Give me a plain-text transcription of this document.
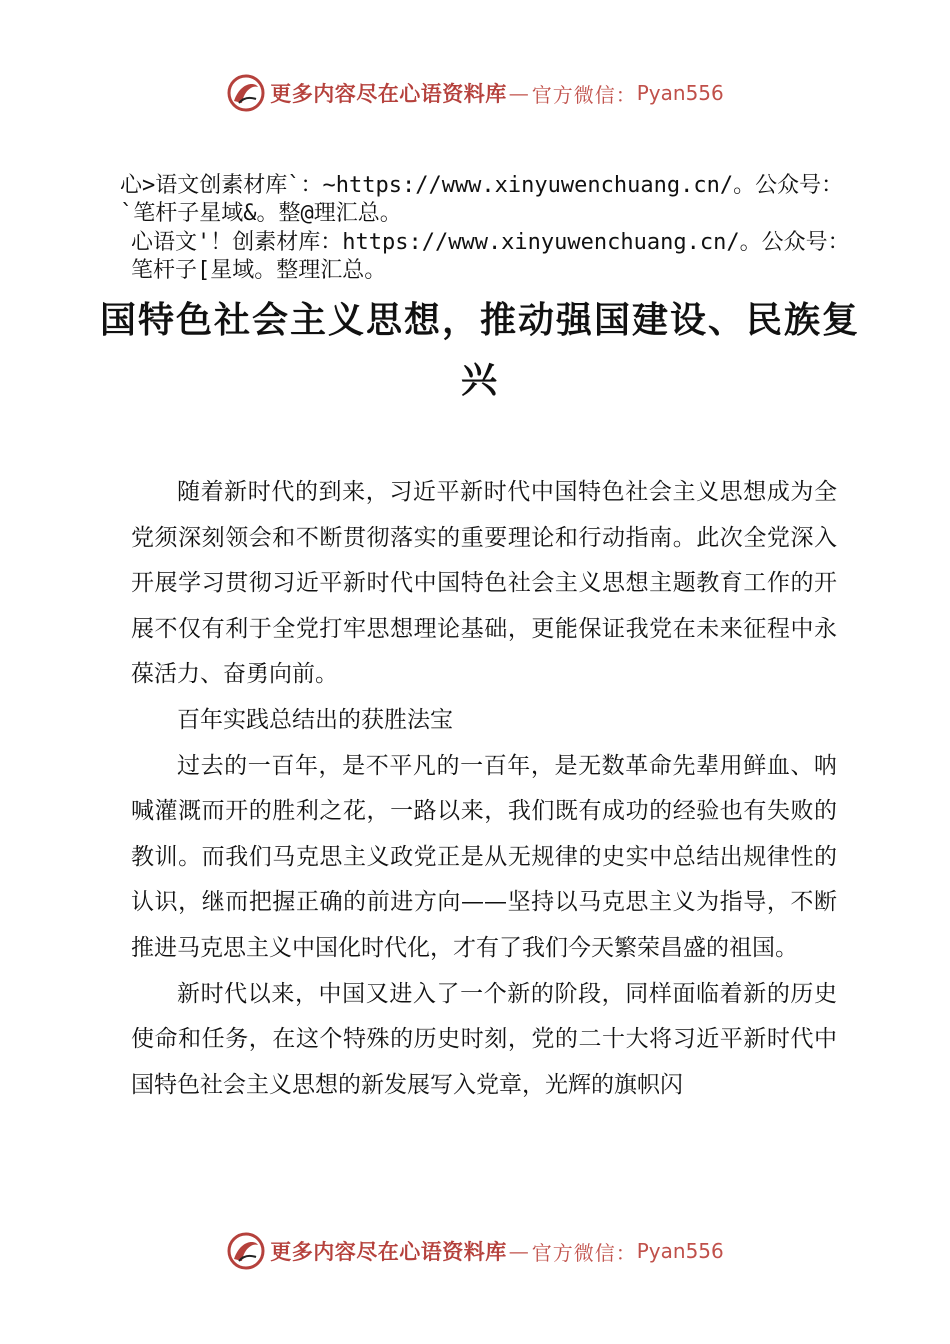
更多内容尽在心语资料库 — 官方微信： Pyan556
心>语文创素材库`：~https://www.xinyuwenchuang.cn/。公众号：
`笔杆子星域&。整@理汇总。
心语文'！创素材库：https://www.xinyuwenchuang.cn/。公众号：
笔杆子[星域。整理汇总。
国特色社会主义思想，推动强国建设、民族复兴

随着新时代的到来，习近平新时代中国特色社会主义思想成为全党须深刻领会和不断贯彻落实的重要理论和行动指南。此次全党深入开展学习贯彻习近平新时代中国特色社会主义思想主题教育工作的开展不仅有利于全党打牢思想理论基础，更能保证我党在未来征程中永葆活力、奋勇向前。

百年实践总结出的获胜法宝

过去的一百年，是不平凡的一百年，是无数革命先辈用鲜血、呐喊灌溉而开的胜利之花，一路以来，我们既有成功的经验也有失败的教训。而我们马克思主义政党正是从无规律的史实中总结出规律性的认识，继而把握正确的前进方向——坚持以马克思主义为指导，不断推进马克思主义中国化时代化，才有了我们今天繁荣昌盛的祖国。

新时代以来，中国又进入了一个新的阶段，同样面临着新的历史使命和任务，在这个特殊的历史时刻，党的二十大将习近平新时代中国特色社会主义思想的新发展写入党章，光辉的旗帜闪

更多内容尽在心语资料库 — 官方微信： Pyan556
